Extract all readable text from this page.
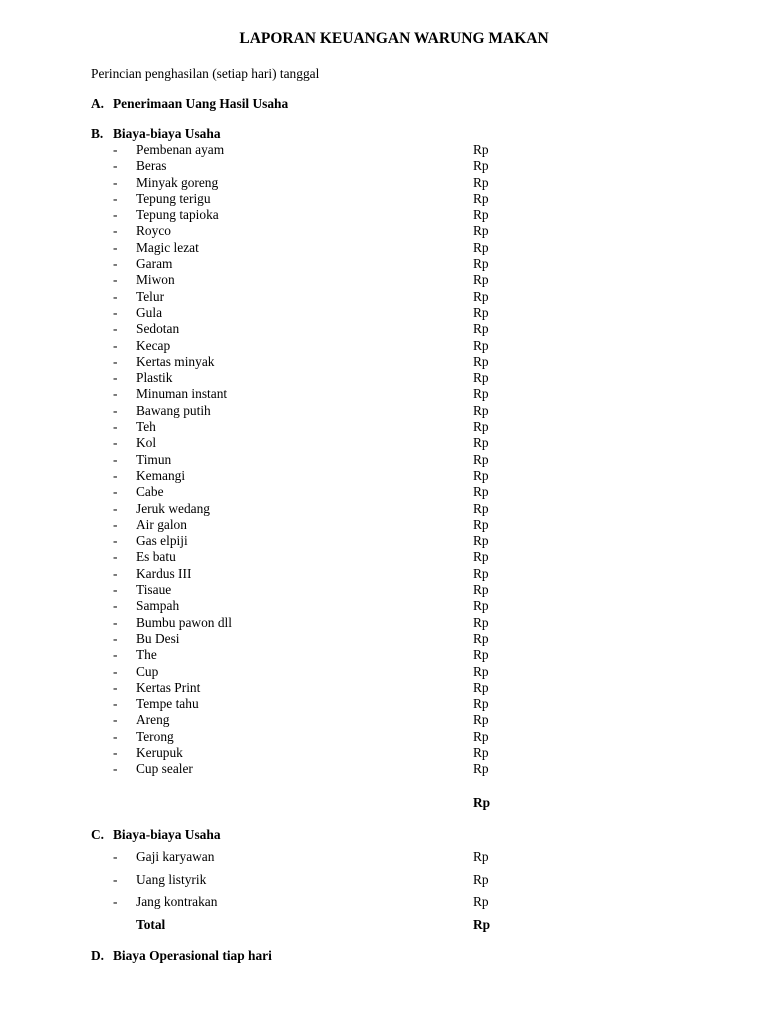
LAPORAN KEUANGAN WARUNG MAKAN
Perincian penghasilan (setiap hari) tanggal
A. Penerimaan Uang Hasil Usaha
B. Biaya-biaya Usaha
- Pembenan ayam	Rp
- Beras	Rp
- Minyak goreng	Rp
- Tepung terigu	Rp
- Tepung tapioka	Rp
- Royco	Rp
- Magic lezat	Rp
- Garam	Rp
- Miwon	Rp
- Telur	Rp
- Gula	Rp
- Sedotan	Rp
- Kecap	Rp
- Kertas minyak	Rp
- Plastik	Rp
- Minuman instant	Rp
- Bawang putih	Rp
- Teh	Rp
- Kol	Rp
- Timun	Rp
- Kemangi	Rp
- Cabe	Rp
- Jeruk wedang	Rp
- Air galon	Rp
- Gas elpiji	Rp
- Es batu	Rp
- Kardus III	Rp
- Tisaue	Rp
- Sampah	Rp
- Bumbu pawon dll	Rp
- Bu Desi	Rp
- The	Rp
- Cup	Rp
- Kertas Print	Rp
- Tempe tahu	Rp
- Areng	Rp
- Terong	Rp
- Kerupuk	Rp
- Cup sealer	Rp
Rp
C. Biaya-biaya Usaha
- Gaji karyawan	Rp
- Uang listyrik	Rp
- Jang kontrakan	Rp
Total	Rp
D. Biaya Operasional tiap hari
